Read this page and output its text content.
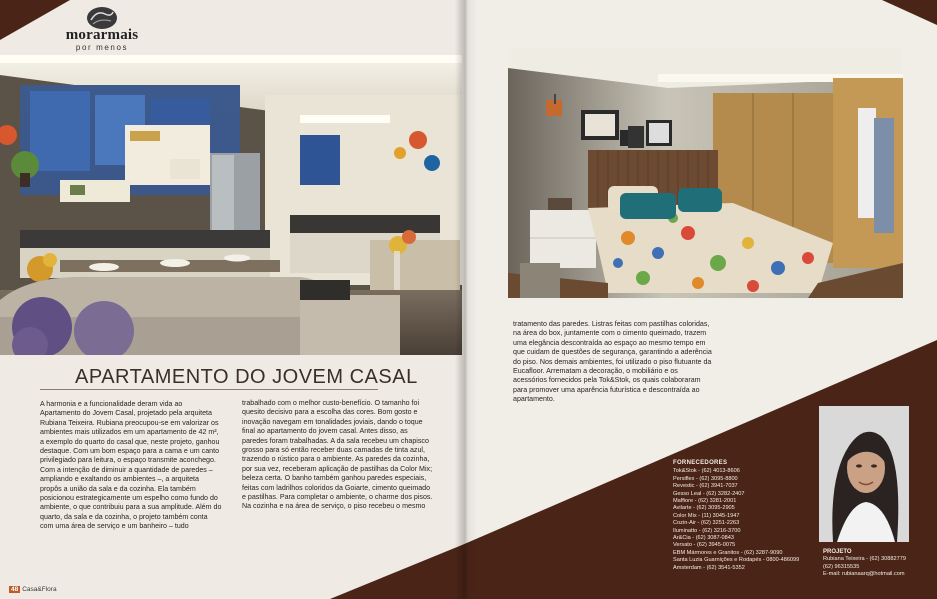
morarmais
por menos
APARTAMENTO DO JOVEM CASAL

A harmonia e a funcionalidade deram vida ao Apartamento do Jovem Casal, projetado pela arquiteta Rubiana Teixeira. Rubiana preocupou-se em valorizar os ambientes mais utilizados em um apartamento de 42 m², a exemplo do quarto do casal que, neste projeto, ganhou destaque. Com um bom espaço para a cama e um canto privilegiado para leitura, o espaço transmite aconchego. Com a intenção de diminuir a quantidade de paredes – ampliando e exaltando os ambientes –, a arquiteta propôs a união da sala e da cozinha. Ela também posicionou estrategicamente um espelho como fundo do ambiente, o que contribuiu para a sua amplitude. Além do quarto, da sala e da cozinha, o projeto também conta com uma área de serviço e um banheiro – tudo

trabalhado com o melhor custo-benefício. O tamanho foi quesito decisivo para a escolha das cores. Bom gosto e inovação navegam em tonalidades joviais, dando o toque final ao apartamento do jovem casal. Antes disso, as paredes foram trabalhadas. A da sala recebeu um chapisco grosso para só então receber duas camadas de tinta azul, trazendo o rústico para o ambiente. As paredes da cozinha, por sua vez, receberam aplicação de pastilhas da Color Mix; beleza certa. O banho também ganhou paredes especiais, feitas com ladrilhos coloridos da Goiarte, cimento queimado e pastilhas. Para completar o ambiente, o charme dos pisos. Na cozinha e na área de serviço, o piso recebeu o mesmo

48 Casa&Flora

tratamento das paredes. Listras feitas com pastilhas coloridas, na área do box, juntamente com o cimento queimado, trazem uma elegância descontraída ao espaço ao mesmo tempo em que cuidam de questões de segurança, garantindo a aderência do piso. Nos demais ambientes, foi utilizado o piso flutuante da Eucafloor. Arrematam a decoração, o mobiliário e os acessórios fornecidos pela Tok&Stok, os quais colaboraram para promover uma aparência futurística e descontraída ao apartamento.

FORNECEDORES
Tok&Stok - (62) 4013-8606
Persiflex - (62) 3095-8800
Revestic - (62) 3941-7037
Gesso Leal - (62) 3282-2407
Maffiore - (62) 3281-2001
Avilarte - (62) 3095-2905
Color Mix - (11) 3045-1947
Cozin-Air - (62) 3251-2263
Iluminatto - (62) 3216-3700
Ar&Cia - (62) 3087-0843
Versato - (62) 3945-0075
EBM Mármores e Granitos - (62) 3287-9090
Santa Luzia Guarnições e Rodapés - 0800-486099
Amsterdam - (62) 3541-5352
PROJETO
Rubiana Teixeira - (62) 30882779
(62) 96315535
E-mail: rubianaarq@hotmail.com
